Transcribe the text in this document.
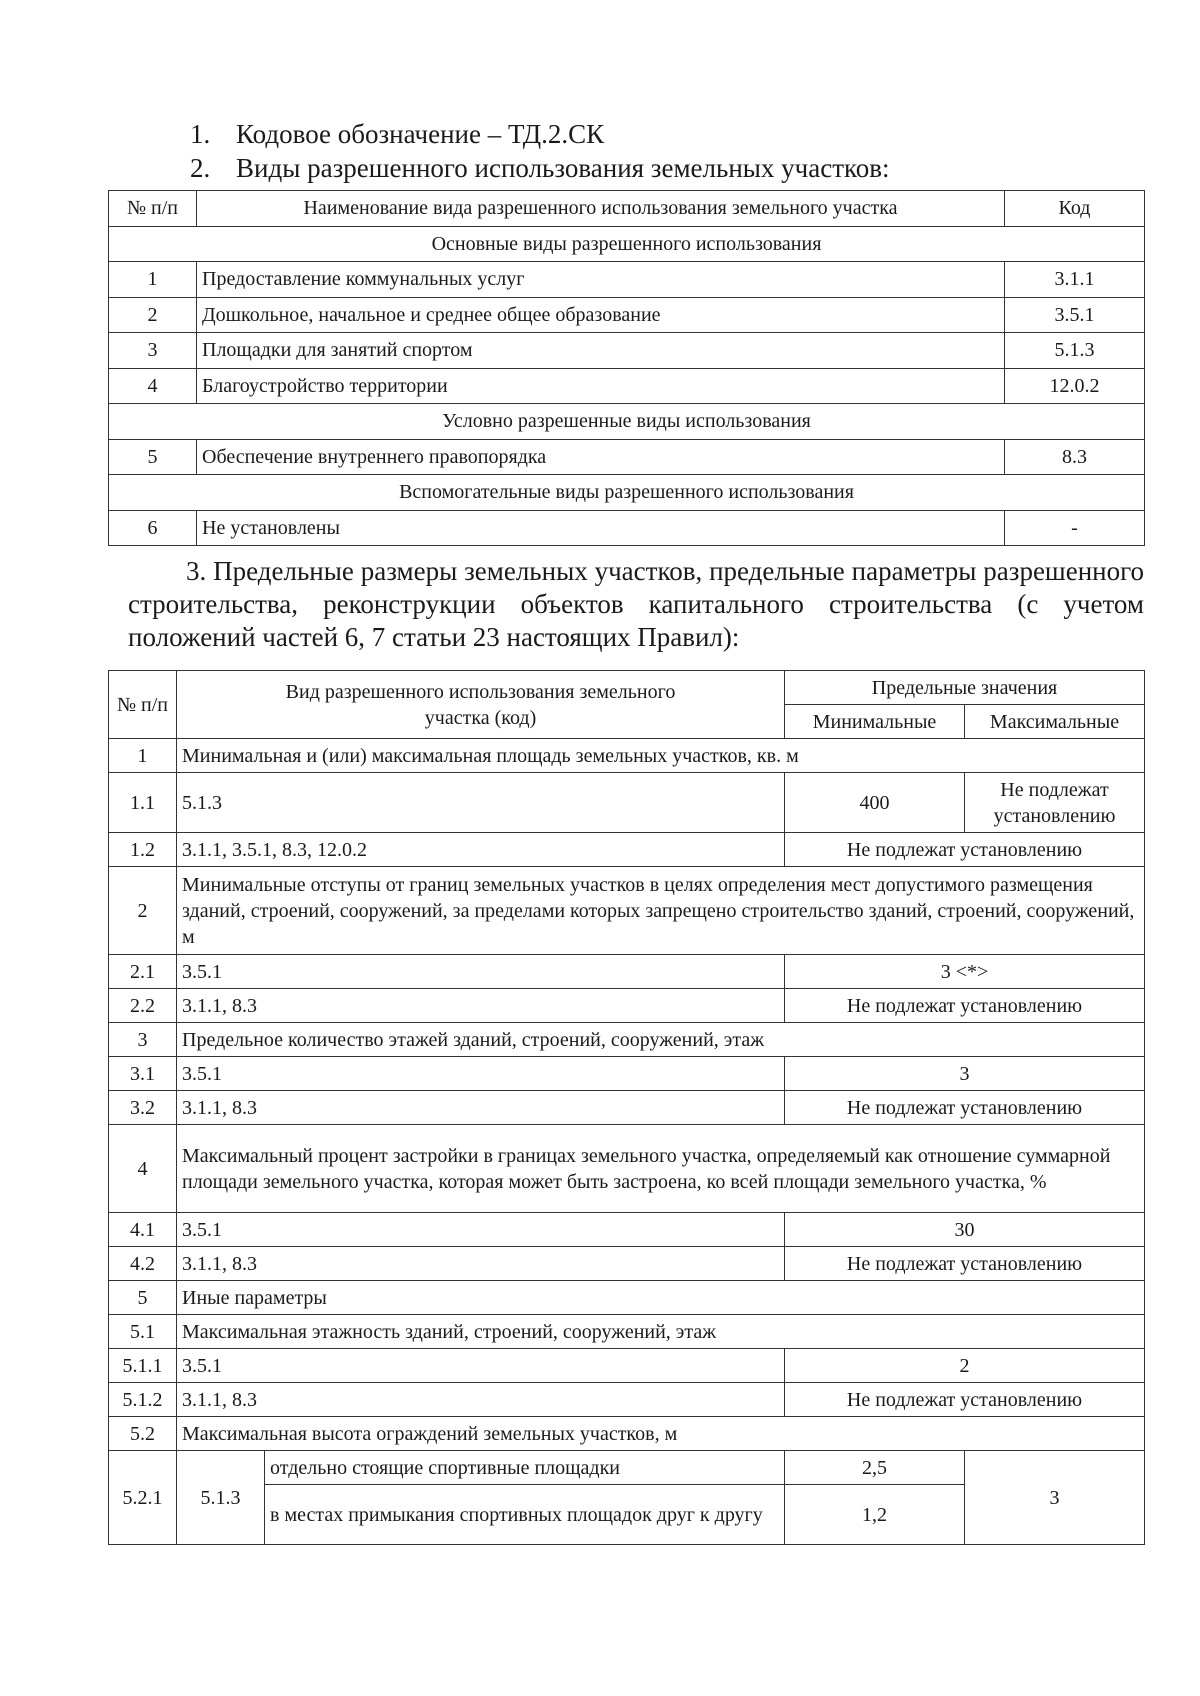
1. Кодовое обозначение – ТД.2.СК
2. Виды разрешенного использования земельных участков:
№ п/п	Наименование вида разрешенного использования земельного участка	Код
Основные виды разрешенного использования		
1	Предоставление коммунальных услуг	3.1.1
2	Дошкольное, начальное и среднее общее образование	3.5.1
3	Площадки для занятий спортом	5.1.3
4	Благоустройство территории	12.0.2
Условно разрешенные виды использования		
5	Обеспечение внутреннего правопорядка	8.3
Вспомогательные виды разрешенного использования		
6	Не установлены	-
3. Предельные размеры земельных участков, предельные параметры разрешенного строительства, реконструкции объектов капитального строительства (с учетом положений частей 6, 7 статьи 23 настоящих Правил):
№ п/п	Вид разрешенного использования земельного участка (код)		Предельные значения	
			Минимальные	Максимальные
1	Минимальная и (или) максимальная площадь земельных участков, кв. м			
1.1	5.1.3		400	Не подлежат установлению
1.2	3.1.1, 3.5.1, 8.3, 12.0.2		Не подлежат установлению	
2	Минимальные отступы от границ земельных участков в целях определения мест допустимого размещения зданий, строений, сооружений, за пределами которых запрещено строительство зданий, строений, сооружений, м			
2.1	3.5.1		3 <*>	
2.2	3.1.1, 8.3		Не подлежат установлению	
3	Предельное количество этажей зданий, строений, сооружений, этаж			
3.1	3.5.1		3	
3.2	3.1.1, 8.3		Не подлежат установлению	
4	Максимальный процент застройки в границах земельного участка, определяемый как отношение суммарной площади земельного участка, которая может быть застроена, ко всей площади земельного участка, %			
4.1	3.5.1		30	
4.2	3.1.1, 8.3		Не подлежат установлению	
5	Иные параметры			
5.1	Максимальная этажность зданий, строений, сооружений, этаж			
5.1.1	3.5.1		2	
5.1.2	3.1.1, 8.3		Не подлежат установлению	
5.2	Максимальная высота ограждений земельных участков, м			
5.2.1	5.1.3	отдельно стоящие спортивные площадки	2,5	3
		в местах примыкания спортивных площадок друг к другу	1,2	
